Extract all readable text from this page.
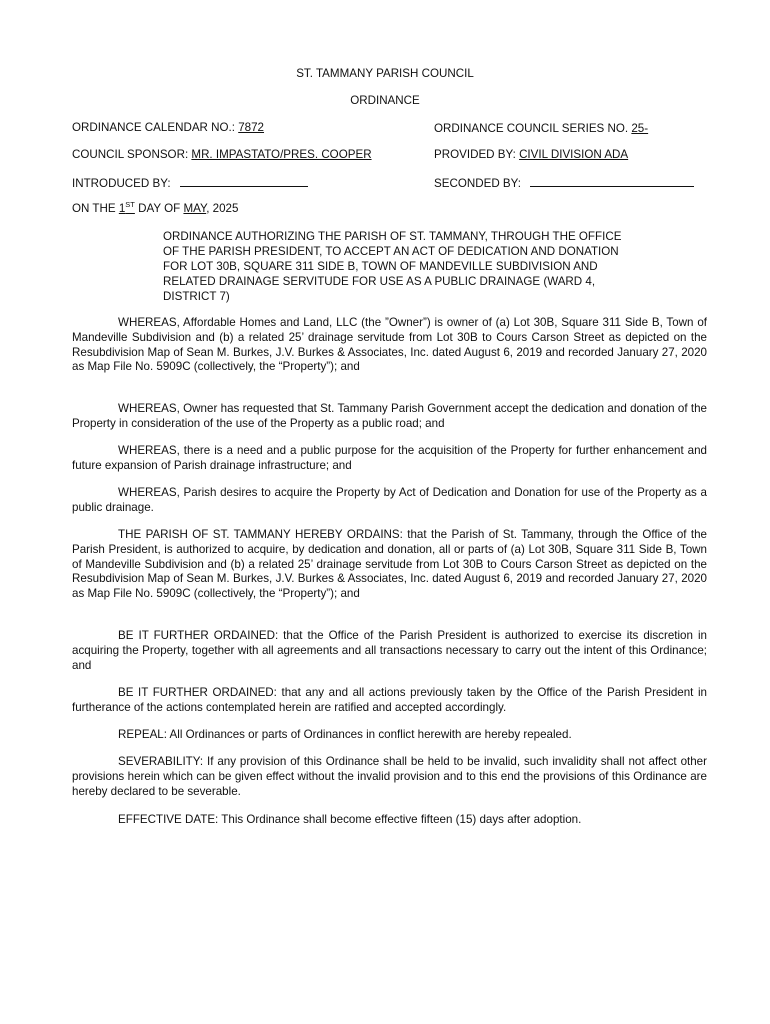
ST. TAMMANY PARISH COUNCIL
ORDINANCE
ORDINANCE CALENDAR NO.: 7872	ORDINANCE COUNCIL SERIES NO. 25-
COUNCIL SPONSOR: MR. IMPASTATO/PRES. COOPER	PROVIDED BY: CIVIL DIVISION ADA
INTRODUCED BY:	SECONDED BY:
ON THE 1ST DAY OF MAY, 2025
ORDINANCE AUTHORIZING THE PARISH OF ST. TAMMANY, THROUGH THE OFFICE OF THE PARISH PRESIDENT, TO ACCEPT AN ACT OF DEDICATION AND DONATION FOR LOT 30B, SQUARE 311 SIDE B, TOWN OF MANDEVILLE SUBDIVISION AND RELATED DRAINAGE SERVITUDE FOR USE AS A PUBLIC DRAINAGE (WARD 4, DISTRICT 7)
WHEREAS, Affordable Homes and Land, LLC (the ”Owner”) is owner of (a) Lot 30B, Square 311 Side B, Town of Mandeville Subdivision and (b) a related 25’ drainage servitude from Lot 30B to Cours Carson Street as depicted on the Resubdivision Map of Sean M. Burkes, J.V. Burkes & Associates, Inc. dated August 6, 2019 and recorded January 27, 2020 as Map File No. 5909C (collectively, the “Property”); and
WHEREAS, Owner has requested that St. Tammany Parish Government accept the dedication and donation of the Property in consideration of the use of the Property as a public road; and
WHEREAS, there is a need and a public purpose for the acquisition of the Property for further enhancement and future expansion of Parish drainage infrastructure; and
WHEREAS, Parish desires to acquire the Property by Act of Dedication and Donation for use of the Property as a public drainage.
THE PARISH OF ST. TAMMANY HEREBY ORDAINS: that the Parish of St. Tammany, through the Office of the Parish President, is authorized to acquire, by dedication and donation, all or parts of (a) Lot 30B, Square 311 Side B, Town of Mandeville Subdivision and (b) a related 25’ drainage servitude from Lot 30B to Cours Carson Street as depicted on the Resubdivision Map of Sean M. Burkes, J.V. Burkes & Associates, Inc. dated August 6, 2019 and recorded January 27, 2020 as Map File No. 5909C (collectively, the “Property”); and
BE IT FURTHER ORDAINED: that the Office of the Parish President is authorized to exercise its discretion in acquiring the Property, together with all agreements and all transactions necessary to carry out the intent of this Ordinance; and
BE IT FURTHER ORDAINED: that any and all actions previously taken by the Office of the Parish President in furtherance of the actions contemplated herein are ratified and accepted accordingly.
REPEAL: All Ordinances or parts of Ordinances in conflict herewith are hereby repealed.
SEVERABILITY: If any provision of this Ordinance shall be held to be invalid, such invalidity shall not affect other provisions herein which can be given effect without the invalid provision and to this end the provisions of this Ordinance are hereby declared to be severable.
EFFECTIVE DATE: This Ordinance shall become effective fifteen (15) days after adoption.
